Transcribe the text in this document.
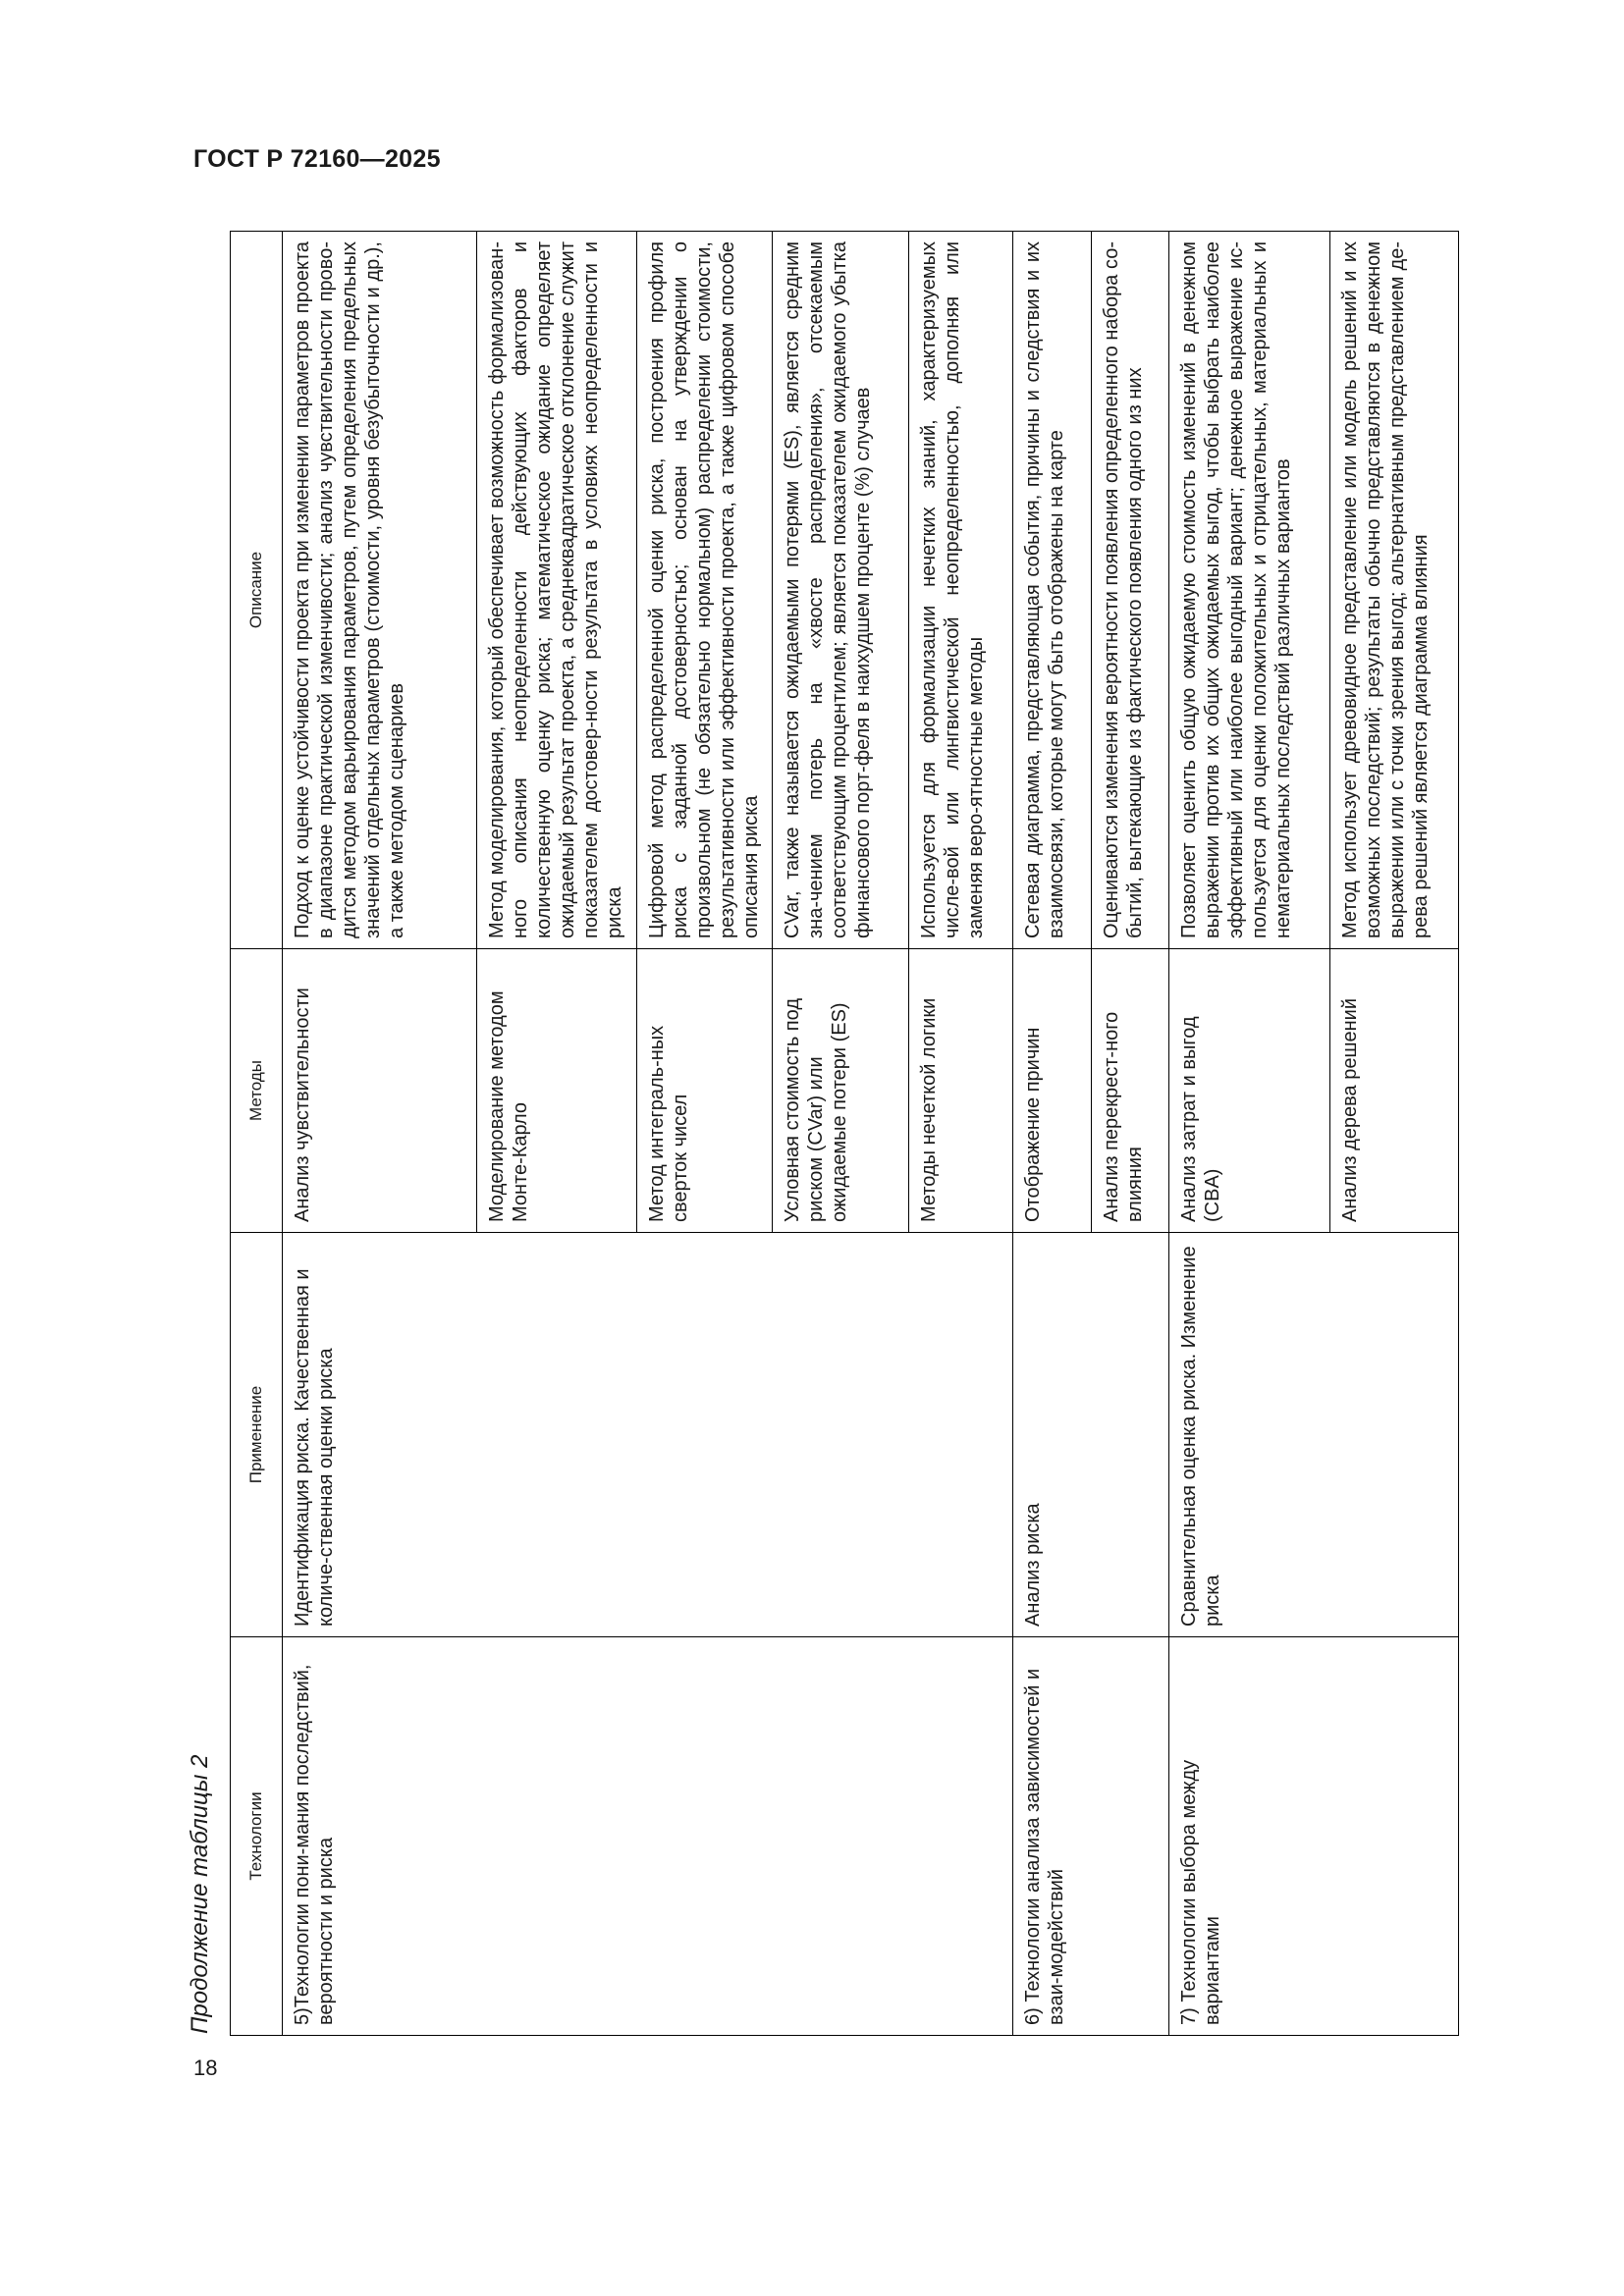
ГОСТ Р 72160—2025
Продолжение таблицы 2 Технологии	Применение	Методы	Описание
5)Технологии пони-мания последствий, вероятности и риска	Идентификация риска. Качественная и количе-ственная оценки риска	Анализ чувствительности	Подход к оценке устойчивости проекта при изменении параметров проекта в диапазоне практической изменчивости; анализ чувствительности прово-дится методом варьирования параметров, путем определения предельных значений отдельных параметров (стоимости, уровня безубыточности и др.), а также методом сценариев
		Моделирование методом Монте-Карло	Метод моделирования, который обеспечивает возможность формализован-ного описания неопределенности действующих факторов и количественную оценку риска; математическое ожидание определяет ожидаемый результат проекта, а среднеквадратическое отклонение служит показателем достовер-ности результата в условиях неопределенности и риска
		Метод интеграль-ных сверток чисел	Цифровой метод распределенной оценки риска, построения профиля риска с заданной достоверностью; основан на утверждении о произвольном (не обязательно нормальном) распределении стоимости, результативности или эффективности проекта, а также цифровом способе описания риска
		Условная стоимость под риском (CVar) или ожидаемые потери (ES)	CVar, также называется ожидаемыми потерями (ES), является средним зна-чением потерь на «хвосте распределения», отсекаемым соответствующим процентилем; является показателем ожидаемого убытка финансового порт-феля в наихудшем проценте (%) случаев
		Методы нечеткой логики	Используется для формализации нечетких знаний, характеризуемых числе-вой или лингвистической неопределенностью, дополняя или заменяя веро-ятностные методы
6) Технологии анализа зависимостей и взаи-модействий	Анализ риска	Отображение причин	Сетевая диаграмма, представляющая события, причины и следствия и их взаимосвязи, которые могут быть отображены на карте
		Анализ перекрест-ного влияния	Оцениваются изменения вероятности появления определенного набора со-бытий, вытекающие из фактического появления одного из них
7) Технологии выбора между вариантами	Сравнительная оценка риска. Изменение риска	Анализ затрат и выгод (CBA)	Позволяет оценить общую ожидаемую стоимость изменений в денежном выражении против их общих ожидаемых выгод, чтобы выбрать наиболее эффективный или наиболее выгодный вариант; денежное выражение ис-пользуется для оценки положительных и отрицательных, материальных и нематериальных последствий различных вариантов
		Анализ дерева решений	Метод использует древовидное представление или модель решений и их возможных последствий; результаты обычно представляются в денежном выражении или с точки зрения выгод; альтернативным представлением де-рева решений является диаграмма влияния
18
